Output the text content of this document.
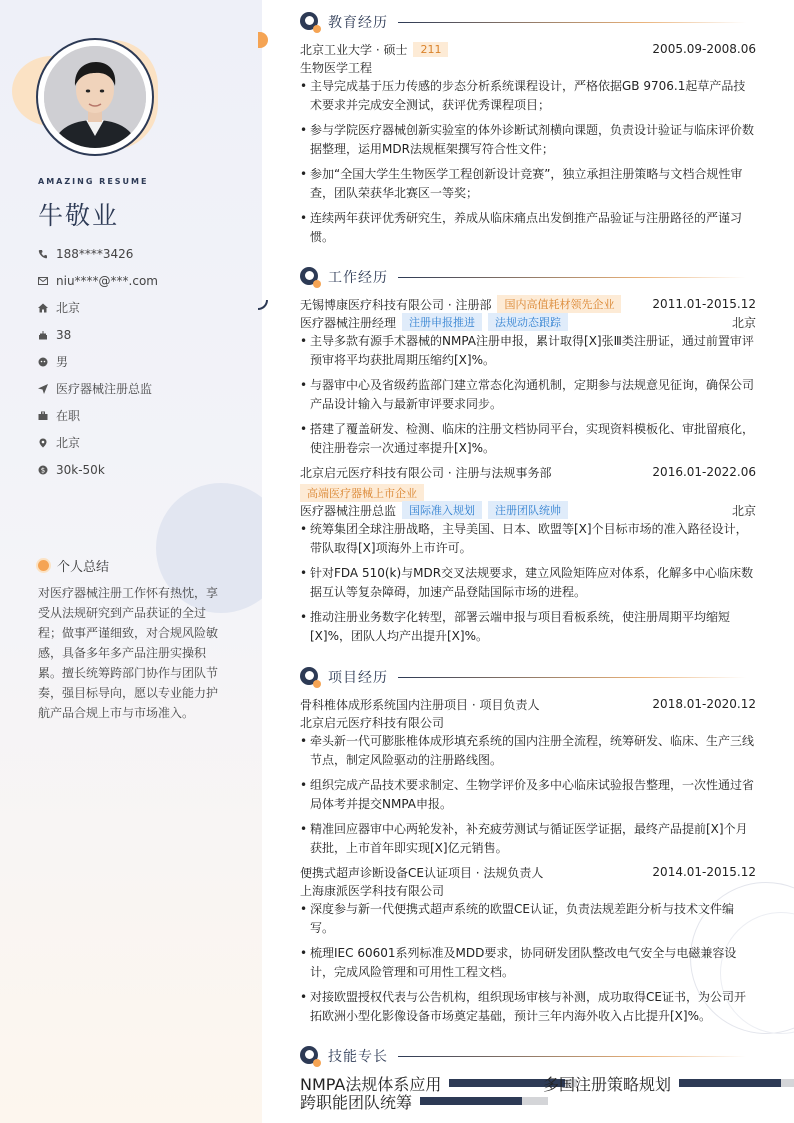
AMAZING RESUME
牛敬业
188****3426
niu****@***.com
北京
38
男
医疗器械注册总监
在职
北京
$ 30k-50k
个人总结

对医疗器械注册工作怀有热忱，享受从法规研究到产品获证的全过程；做事严谨细致，对合规风险敏感，具备多年多产品注册实操积累。擅长统筹跨部门协作与团队节奏，强目标导向，愿以专业能力护航产品合规上市与市场准入。

教育经历
北京工业大学 · 硕士	211	2005.09-2008.06
生物医学工程
• 主导完成基于压力传感的步态分析系统课程设计，严格依据GB 9706.1起草产品技术要求并完成安全测试，获评优秀课程项目；
• 参与学院医疗器械创新实验室的体外诊断试剂横向课题，负责设计验证与临床评价数据整理，运用MDR法规框架撰写符合性文件；
• 参加“全国大学生生物医学工程创新设计竞赛”，独立承担注册策略与文档合规性审查，团队荣获华北赛区一等奖；
• 连续两年获评优秀研究生，养成从临床痛点出发倒推产品验证与注册路径的严谨习惯。
工作经历
无锡博康医疗科技有限公司 · 注册部	国内高值耗材领先企业	2011.01-2015.12
医疗器械注册经理	注册申报推进	法规动态跟踪	北京
• 主导多款有源手术器械的NMPA注册申报，累计取得[X]张Ⅲ类注册证，通过前置审评预审将平均获批周期压缩约[X]%。
• 与器审中心及省级药监部门建立常态化沟通机制，定期参与法规意见征询，确保公司产品设计输入与最新审评要求同步。
• 搭建了覆盖研发、检测、临床的注册文档协同平台，实现资料模板化、审批留痕化，使注册卷宗一次通过率提升[X]%。
北京启元医疗科技有限公司 · 注册与法规事务部	2016.01-2022.06
高端医疗器械上市企业
医疗器械注册总监	国际准入规划	注册团队统帅	北京
• 统筹集团全球注册战略，主导美国、日本、欧盟等[X]个目标市场的准入路径设计，带队取得[X]项海外上市许可。
• 针对FDA 510(k)与MDR交叉法规要求，建立风险矩阵应对体系，化解多中心临床数据互认等复杂障碍，加速产品登陆国际市场的进程。
• 推动注册业务数字化转型，部署云端申报与项目看板系统，使注册周期平均缩短[X]%，团队人均产出提升[X]%。
项目经历
骨科椎体成形系统国内注册项目 · 项目负责人	2018.01-2020.12
北京启元医疗科技有限公司
• 牵头新一代可膨胀椎体成形填充系统的国内注册全流程，统筹研发、临床、生产三线节点，制定风险驱动的注册路线图。
• 组织完成产品技术要求制定、生物学评价及多中心临床试验报告整理，一次性通过省局体考并提交NMPA申报。
• 精准回应器审中心两轮发补，补充疲劳测试与循证医学证据，最终产品提前[X]个月获批，上市首年即实现[X]亿元销售。
便携式超声诊断设备CE认证项目 · 法规负责人	2014.01-2015.12
上海康派医学科技有限公司
• 深度参与新一代便携式超声系统的欧盟CE认证，负责法规差距分析与技术文件编写。
• 梳理IEC 60601系列标准及MDD要求，协同研发团队整改电气安全与电磁兼容设计，完成风险管理和可用性工程文档。
• 对接欧盟授权代表与公告机构，组织现场审核与补测，成功取得CE证书，为公司开拓欧洲小型化影像设备市场奠定基础，预计三年内海外收入占比提升[X]%。
技能专长
NMPA法规体系应用	多国注册策略规划
跨职能团队统筹
